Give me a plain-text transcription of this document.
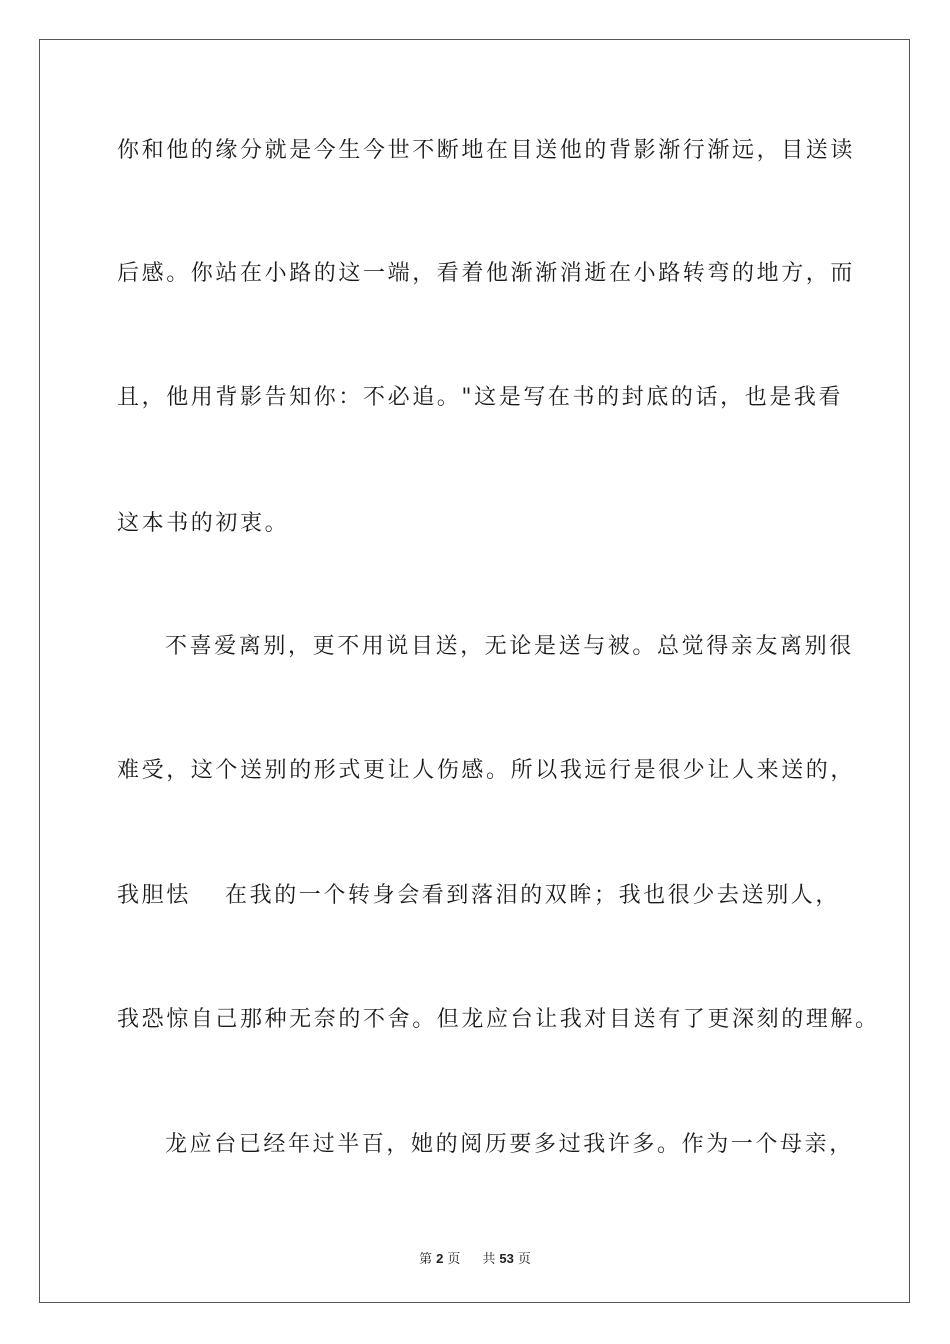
你和他的缘分就是今生今世不断地在目送他的背影渐行渐远，目送读
后感。你站在小路的这一端，看着他渐渐消逝在小路转弯的地方，而
且，他用背影告知你：不必追。"这是写在书的封底的话，也是我看
这本书的初衷。
不喜爱离别，更不用说目送，无论是送与被。总觉得亲友离别很
难受，这个送别的形式更让人伤感。所以我远行是很少让人来送的，
我胆怯　 在我的一个转身会看到落泪的双眸；我也很少去送别人，
我恐惊自己那种无奈的不舍。但龙应台让我对目送有了更深刻的理解。
龙应台已经年过半百，她的阅历要多过我许多。作为一个母亲，
第 2 页 共 53 页
